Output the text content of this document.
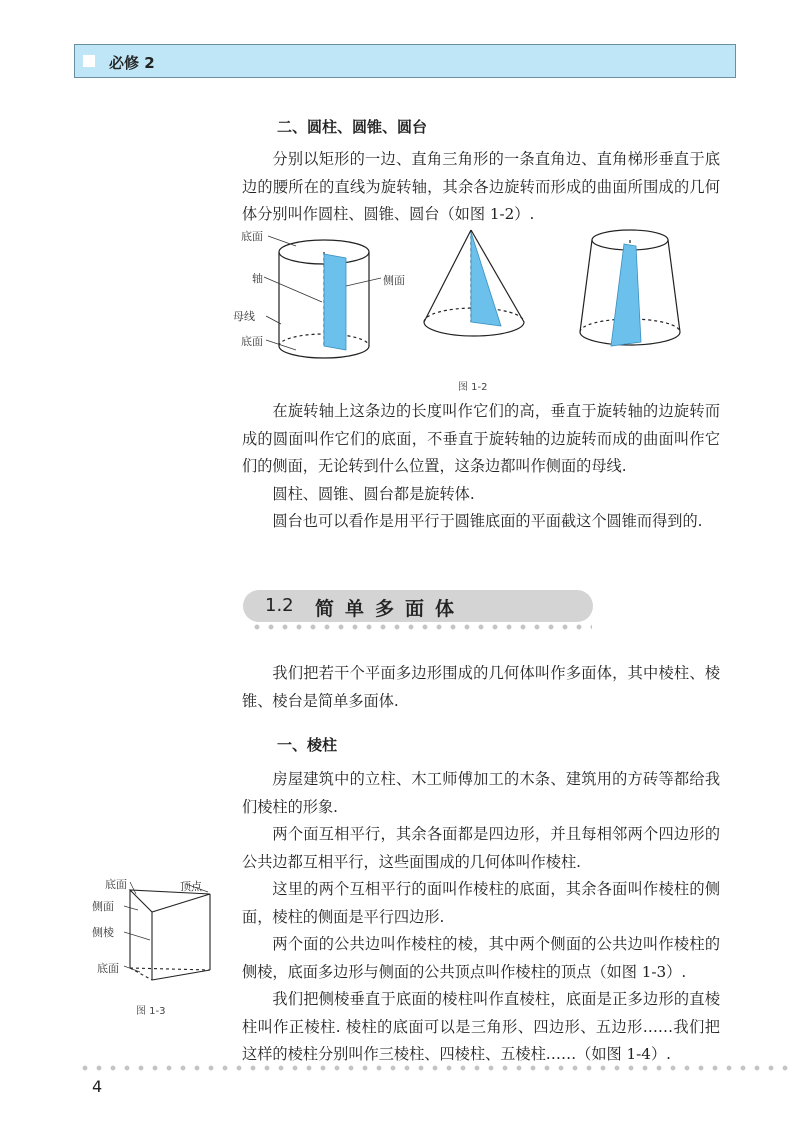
必修 2
二、圆柱、圆锥、圆台

分别以矩形的一边、直角三角形的一条直角边、直角梯形垂直于底边的腰所在的直线为旋转轴，其余各边旋转而形成的曲面所围成的几何体分别叫作圆柱、圆锥、圆台（如图 1-2）.

底面
轴	侧面
母线
底面
图 1-2

在旋转轴上这条边的长度叫作它们的高，垂直于旋转轴的边旋转而成的圆面叫作它们的底面，不垂直于旋转轴的边旋转而成的曲面叫作它们的侧面，无论转到什么位置，这条边都叫作侧面的母线.

圆柱、圆锥、圆台都是旋转体.

圆台也可以看作是用平行于圆锥底面的平面截这个圆锥而得到的.

1.2 简单多面体

我们把若干个平面多边形围成的几何体叫作多面体，其中棱柱、棱锥、棱台是简单多面体.

一、棱柱

房屋建筑中的立柱、木工师傅加工的木条、建筑用的方砖等都给我们棱柱的形象.

两个面互相平行，其余各面都是四边形，并且每相邻两个四边形的公共边都互相平行，这些面围成的几何体叫作棱柱.

这里的两个互相平行的面叫作棱柱的底面，其余各面叫作棱柱的侧面，棱柱的侧面是平行四边形.

两个面的公共边叫作棱柱的棱，其中两个侧面的公共边叫作棱柱的侧棱，底面多边形与侧面的公共顶点叫作棱柱的顶点（如图 1-3）.

我们把侧棱垂直于底面的棱柱叫作直棱柱，底面是正多边形的直棱柱叫作正棱柱. 棱柱的底面可以是三角形、四边形、五边形……我们把这样的棱柱分别叫作三棱柱、四棱柱、五棱柱……（如图 1-4）.

底面	顶点
侧面
侧棱
底面
图 1-3
4
